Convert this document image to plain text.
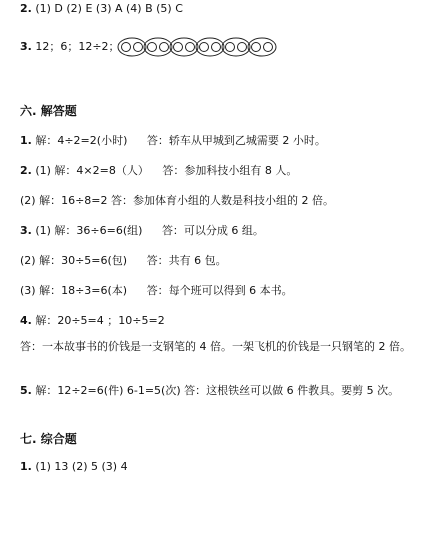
2. (1) D (2) E (3) A (4) B (5) C
3. 12；6；12÷2；
六. 解答题
1. 解：4÷2=2(小时) 答：轿车从甲城到乙城需要 2 小时。
2. (1) 解：4×2=8（人） 答：参加科技小组有 8 人。
(2) 解：16÷8=2 答：参加体育小组的人数是科技小组的 2 倍。
3. (1) 解：36÷6=6(组) 答：可以分成 6 组。
(2) 解：30÷5=6(包) 答：共有 6 包。
(3) 解：18÷3=6(本) 答：每个班可以得到 6 本书。
4. 解：20÷5=4 ；10÷5=2
答：一本故事书的价钱是一支钢笔的 4 倍。一架飞机的价钱是一只钢笔的 2 倍。
5. 解：12÷2=6(件) 6-1=5(次) 答：这根铁丝可以做 6 件教具。要剪 5 次。
七. 综合题
1. (1) 13 (2) 5 (3) 4
